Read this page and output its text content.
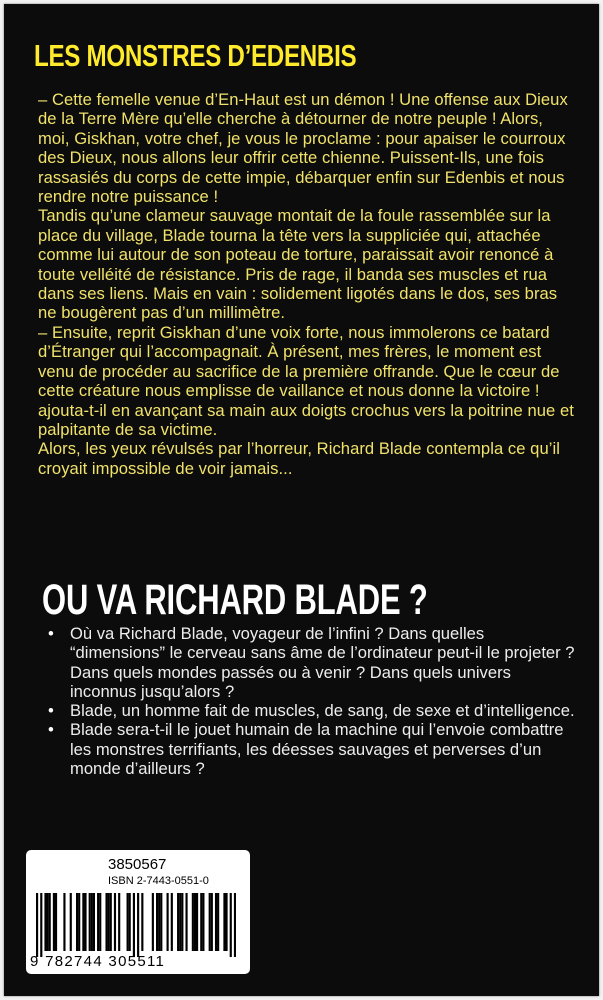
LES MONSTRES D’EDENBIS

– Cette femelle venue d’En-Haut est un démon ! Une offense aux Dieux de la Terre Mère qu’elle cherche à détourner de notre peuple ! Alors, moi, Giskhan, votre chef, je vous le proclame : pour apaiser le courroux des Dieux, nous allons leur offrir cette chienne. Puissent-Ils, une fois rassasiés du corps de cette impie, débarquer enfin sur Edenbis et nous rendre notre puissance !

Tandis qu’une clameur sauvage montait de la foule rassemblée sur la place du village, Blade tourna la tête vers la suppliciée qui, attachée comme lui autour de son poteau de torture, paraissait avoir renoncé à toute velléité de résistance. Pris de rage, il banda ses muscles et rua dans ses liens. Mais en vain : solidement ligotés dans le dos, ses bras ne bougèrent pas d’un millimètre.

– Ensuite, reprit Giskhan d’une voix forte, nous immolerons ce batard d’Étranger qui l’accompagnait. À présent, mes frères, le moment est venu de procéder au sacrifice de la première offrande. Que le cœur de cette créature nous emplisse de vaillance et nous donne la victoire ! ajouta-t-il en avançant sa main aux doigts crochus vers la poitrine nue et palpitante de sa victime.

Alors, les yeux révulsés par l’horreur, Richard Blade contempla ce qu’il croyait impossible de voir jamais...

OU VA RICHARD BLADE ?
• Où va Richard Blade, voyageur de l’infini ? Dans quelles “dimensions” le cerveau sans âme de l’ordinateur peut-il le projeter ? Dans quels mondes passés ou à venir ? Dans quels univers inconnus jusqu’alors ?
• Blade, un homme fait de muscles, de sang, de sexe et d’intelligence.
• Blade sera-t-il le jouet humain de la machine qui l’envoie combattre les monstres terrifiants, les déesses sauvages et perverses d’un monde d’ailleurs ?

3850567

ISBN 2-7443-0551-0

9 782744 305511
